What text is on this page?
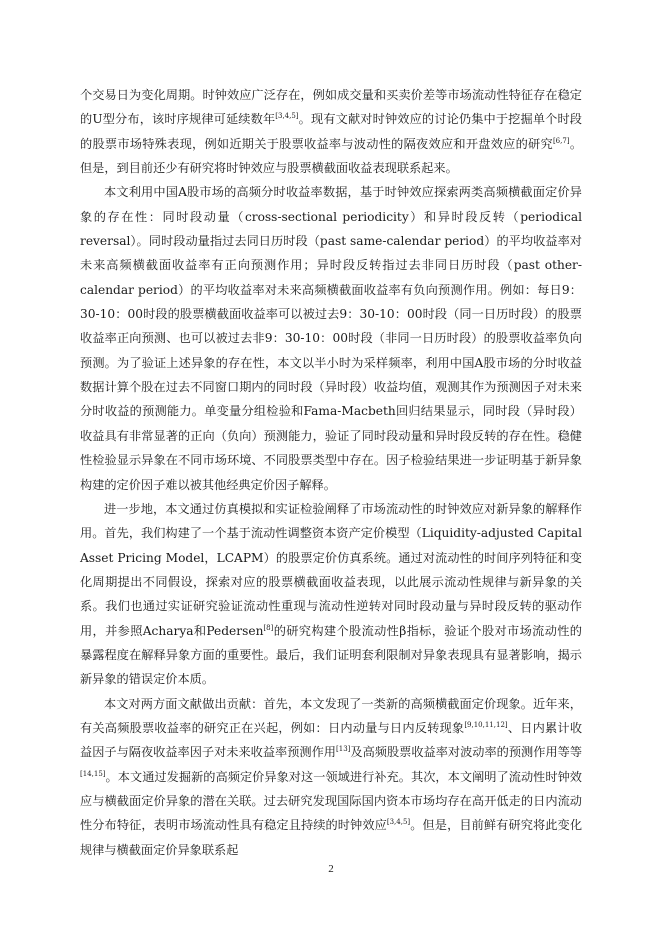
个交易日为变化周期。时钟效应广泛存在，例如成交量和买卖价差等市场流动性特征存在稳定的U型分布，该时序规律可延续数年[3,4,5]。现有文献对时钟效应的讨论仍集中于挖掘单个时段的股票市场特殊表现，例如近期关于股票收益率与波动性的隔夜效应和开盘效应的研究[6,7]。但是，到目前还少有研究将时钟效应与股票横截面收益表现联系起来。

本文利用中国A股市场的高频分时收益率数据，基于时钟效应探索两类高频横截面定价异象的存在性：同时段动量（cross-sectional periodicity）和异时段反转（periodical reversal）。同时段动量指过去同日历时段（past same-calendar period）的平均收益率对未来高频横截面收益率有正向预测作用；异时段反转指过去非同日历时段（past other-calendar period）的平均收益率对未来高频横截面收益率有负向预测作用。例如：每日9：30-10：00时段的股票横截面收益率可以被过去9：30-10：00时段（同一日历时段）的股票收益率正向预测、也可以被过去非9：30-10：00时段（非同一日历时段）的股票收益率负向预测。为了验证上述异象的存在性，本文以半小时为采样频率，利用中国A股市场的分时收益数据计算个股在过去不同窗口期内的同时段（异时段）收益均值，观测其作为预测因子对未来分时收益的预测能力。单变量分组检验和Fama-Macbeth回归结果显示，同时段（异时段）收益具有非常显著的正向（负向）预测能力，验证了同时段动量和异时段反转的存在性。稳健性检验显示异象在不同市场环境、不同股票类型中存在。因子检验结果进一步证明基于新异象构建的定价因子难以被其他经典定价因子解释。

进一步地，本文通过仿真模拟和实证检验阐释了市场流动性的时钟效应对新异象的解释作用。首先，我们构建了一个基于流动性调整资本资产定价模型（Liquidity-adjusted Capital Asset Pricing Model，LCAPM）的股票定价仿真系统。通过对流动性的时间序列特征和变化周期提出不同假设，探索对应的股票横截面收益表现，以此展示流动性规律与新异象的关系。我们也通过实证研究验证流动性重现与流动性逆转对同时段动量与异时段反转的驱动作用，并参照Acharya和Pedersen[8]的研究构建个股流动性β指标，验证个股对市场流动性的暴露程度在解释异象方面的重要性。最后，我们证明套利限制对异象表现具有显著影响，揭示新异象的错误定价本质。

本文对两方面文献做出贡献：首先，本文发现了一类新的高频横截面定价现象。近年来，有关高频股票收益率的研究正在兴起，例如：日内动量与日内反转现象[9,10,11,12]、日内累计收益因子与隔夜收益率因子对未来收益率预测作用[13]及高频股票收益率对波动率的预测作用等等[14,15]。本文通过发掘新的高频定价异象对这一领域进行补充。其次，本文阐明了流动性时钟效应与横截面定价异象的潜在关联。过去研究发现国际国内资本市场均存在高开低走的日内流动性分布特征，表明市场流动性具有稳定且持续的时钟效应[3,4,5]。但是，目前鲜有研究将此变化规律与横截面定价异象联系起

2
